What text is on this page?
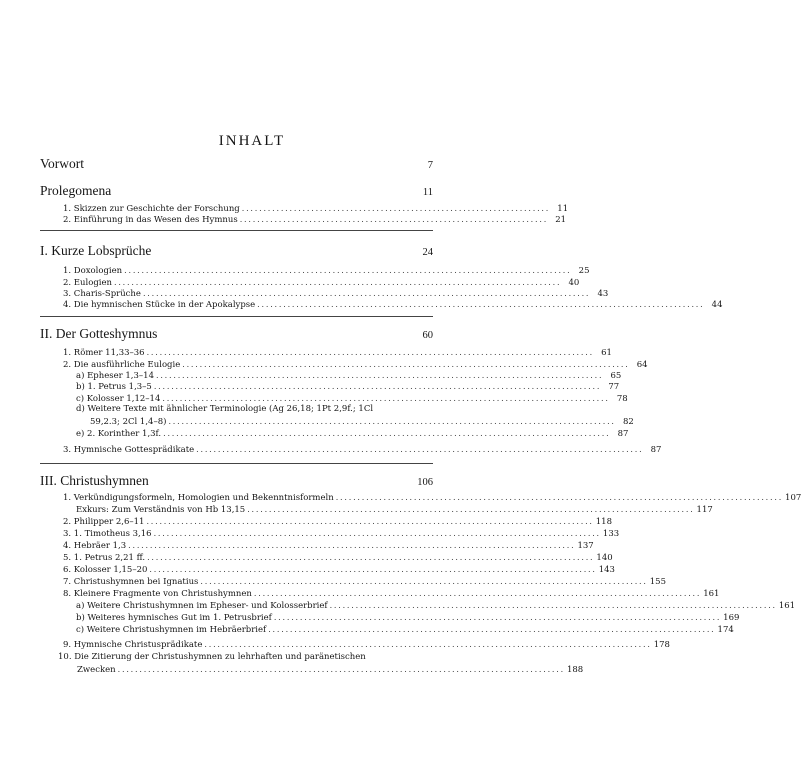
INHALT
Vorwort	7
Prolegomena	11
1. Skizzen zur Geschichte der Forschung ....................................................................... 11
2. Einführung in das Wesen des Hymnus ....................................................................... 21
I. Kurze Lobsprüche	24
1. Doxologien ....................................................................................................... 25
2. Eulogien ....................................................................................................... 40
3. Charis-Sprüche ....................................................................................................... 43
4. Die hymnischen Stücke in der Apokalypse ....................................................................................................... 44
II. Der Gotteshymnus	60
1. Römer 11,33–36 ....................................................................................................... 61
2. Die ausführliche Eulogie ....................................................................................................... 64
a) Epheser 1,3–14 ....................................................................................................... 65
b) 1. Petrus 1,3–5 ....................................................................................................... 77
c) Kolosser 1,12–14 ....................................................................................................... 78
d) Weitere Texte mit ähnlicher Terminologie (Ag 26,18; 1Pt 2,9f.; 1Cl
59,2.3; 2Cl 1,4–8) ....................................................................................................... 82
e) 2. Korinther 1,3f. ....................................................................................................... 87
3. Hymnische Gottesprädikate ....................................................................................................... 87
III. Christushymnen	106
1. Verkündigungsformeln, Homologien und Bekenntnisformeln ....................................................................................................... 107
Exkurs: Zum Verständnis von Hb 13,15 ....................................................................................................... 117
2. Philipper 2,6–11 ....................................................................................................... 118
3. 1. Timotheus 3,16 ....................................................................................................... 133
4. Hebräer 1,3 ....................................................................................................... 137
5. 1. Petrus 2,21 ff. ....................................................................................................... 140
6. Kolosser 1,15–20 ....................................................................................................... 143
7. Christushymnen bei Ignatius ....................................................................................................... 155
8. Kleinere Fragmente von Christushymnen ....................................................................................................... 161
a) Weitere Christushymnen im Epheser- und Kolosserbrief ....................................................................................................... 161
b) Weiteres hymnisches Gut im 1. Petrusbrief ....................................................................................................... 169
c) Weitere Christushymnen im Hebräerbrief ....................................................................................................... 174
9. Hymnische Christusprädikate ....................................................................................................... 178
10. Die Zitierung der Christushymnen zu lehrhaften und paränetischen
Zwecken ....................................................................................................... 188
